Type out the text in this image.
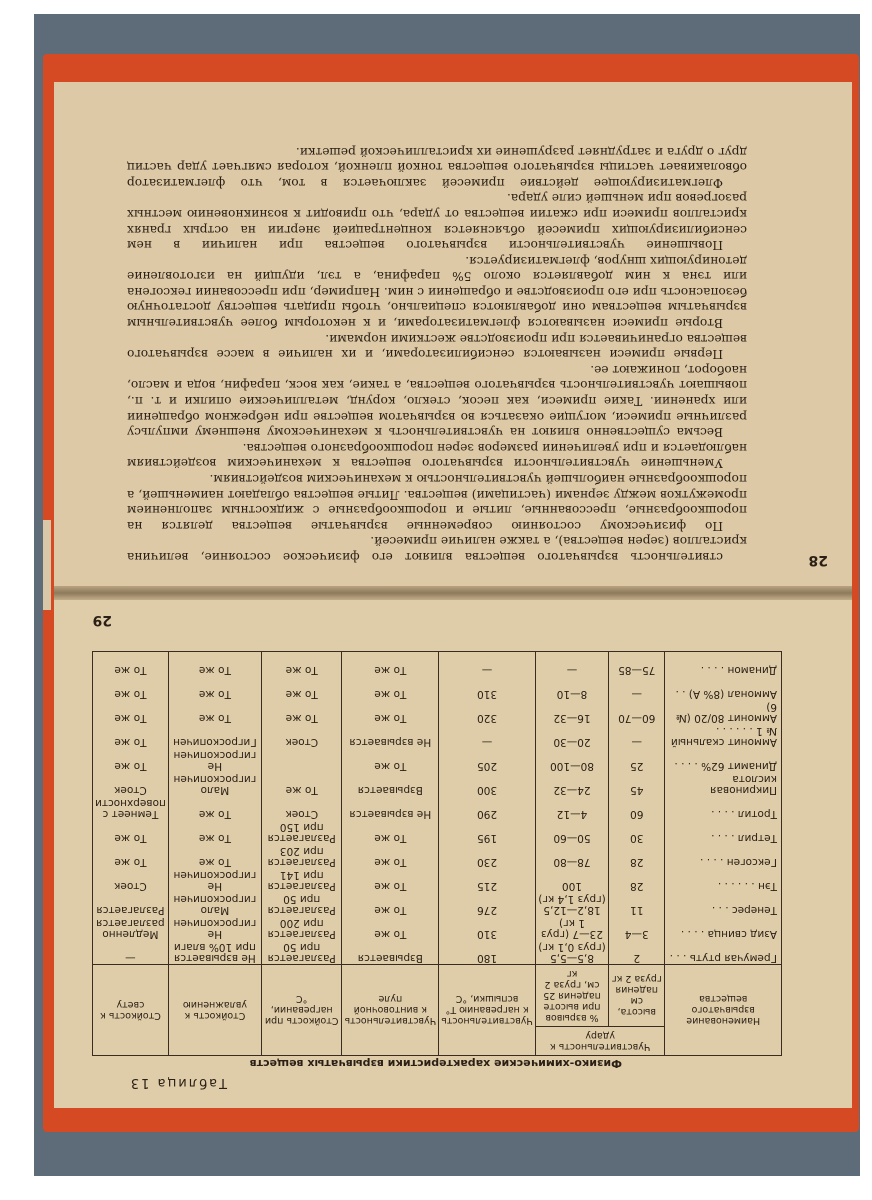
ствительность взрывчатого вещества влияют его физическое состояние, величина кристаллов (зерен вещества), а также наличие примесей.

По физическому состоянию современные взрывчатые вещества делятся на порошкообразные, прессованные, литые и порошкообразные с жидкостным заполнением промежутков между зернами (частицами) вещества. Литые вещества обладают наименьшей, а порошкообразные наибольшей чувствительностью к механическим воздействиям.

Уменьшение чувствительности взрывчатого вещества к механическим воздействиям наблюдается и при увеличении размеров зерен порошкообразного вещества.

Весьма существенно влияют на чувствительность к механическому внешнему импульсу различные примеси, могущие оказаться во взрывчатом веществе при небрежном обращении или хранении. Такие примеси, как песок, стекло, корунд, металлические опилки и т. п., повышают чувствительность взрывчатого вещества, а такие, как воск, парафин, вода и масло, наоборот, понижают ее.

Первые примеси называются сенсибилизаторами, и их наличие в массе взрывчатого вещества ограничивается при производстве жесткими нормами.

Вторые примеси называются флегматизаторами, и к некоторым более чувствительным взрывчатым веществам они добавляются специально, чтобы придать веществу достаточную безопасность при его производстве и обращении с ним. Например, при прессовании гексогена или тэна к ним добавляется около 5% парафина, а тэл, идущий на изготовление детонирующих шнуров, флегматизируется.

Повышение чувствительности взрывчатого вещества при наличии в нем сенсибилизирующих примесей объясняется концентрацией энергии на острых гранях кристаллов примеси при сжатии вещества от удара, что приводит к возникновению местных разогревов при меньшей силе удара.

Флегматизирующее действие примесей заключается в том, что флегматизатор обволакивает частицы взрывчатого вещества тонкой пленкой, которая смягчает удар частиц друг о друга и затрудняет разрушение их кристаллической решетки.

28
Таблица 13
Физико-химические характеристики взрывчатых веществ
Наименование взрывчатого вещества	Чувствительность к удару		Чувствительность к нагреванию T° вспышки, °C	Чувствительность к винтовочной пуле	Стойкость при нагревании, °C	Стойкость к увлажнению	Стойкость к свету
	высота, см падения груза 2 кг	% взрывов при высоте падения 25 см, груза 2 кг					
Гремучая ртуть . . .	2	8,5—5,5 (груз 0,1 кг)	180	Взрывается	Разлагается при 50	Не взрывается при 10% влаги	—
Азид свинца . . . .	3—4	23—7 (груз 1 кг)	310	То же	Разлагается при 200	Не гигроскопичен	Медленно разлагается
Тенерес . . .	11	18,2—12,5 (груз 1,4 кг)	276	То же	Разлагается при 50	Мало гигроскопичен	Разлагается
Тэн . . . . . .	28	100	215	То же	Разлагается при 141	Не гигроскопичен	Стоек
Гексоген . . . .	28	78—80	230	То же	Разлагается при 203	То же	То же
Тетрил . . . .	30	50—60	195	То же	Разлагается при 150	То же	То же
Тротил . . . .	60	4—12	290	Не взрывается	Стоек	То же	Темнеет с поверхности
Пикриновая кислота	45	24—32	300	Взрывается	То же	Мало гигроскопичен	Стоек
Динамит 62% . . . .	25	80—100	205	То же		Не гигроскопичен	То же
Аммонит скальный № 1 . . . . . .	—	20—30	—	Не взрывается	Стоек	Гигроскопичен	То же
Аммонит 80/20 (№ 6)	60—70	16—32	320	То же	То же	То же	То же
Аммонал (8% А) . .	—	8—10	310	То же	То же	То же	То же
Динамон . . . .	75—85	—	—	То же	То же	То же	То же
29
